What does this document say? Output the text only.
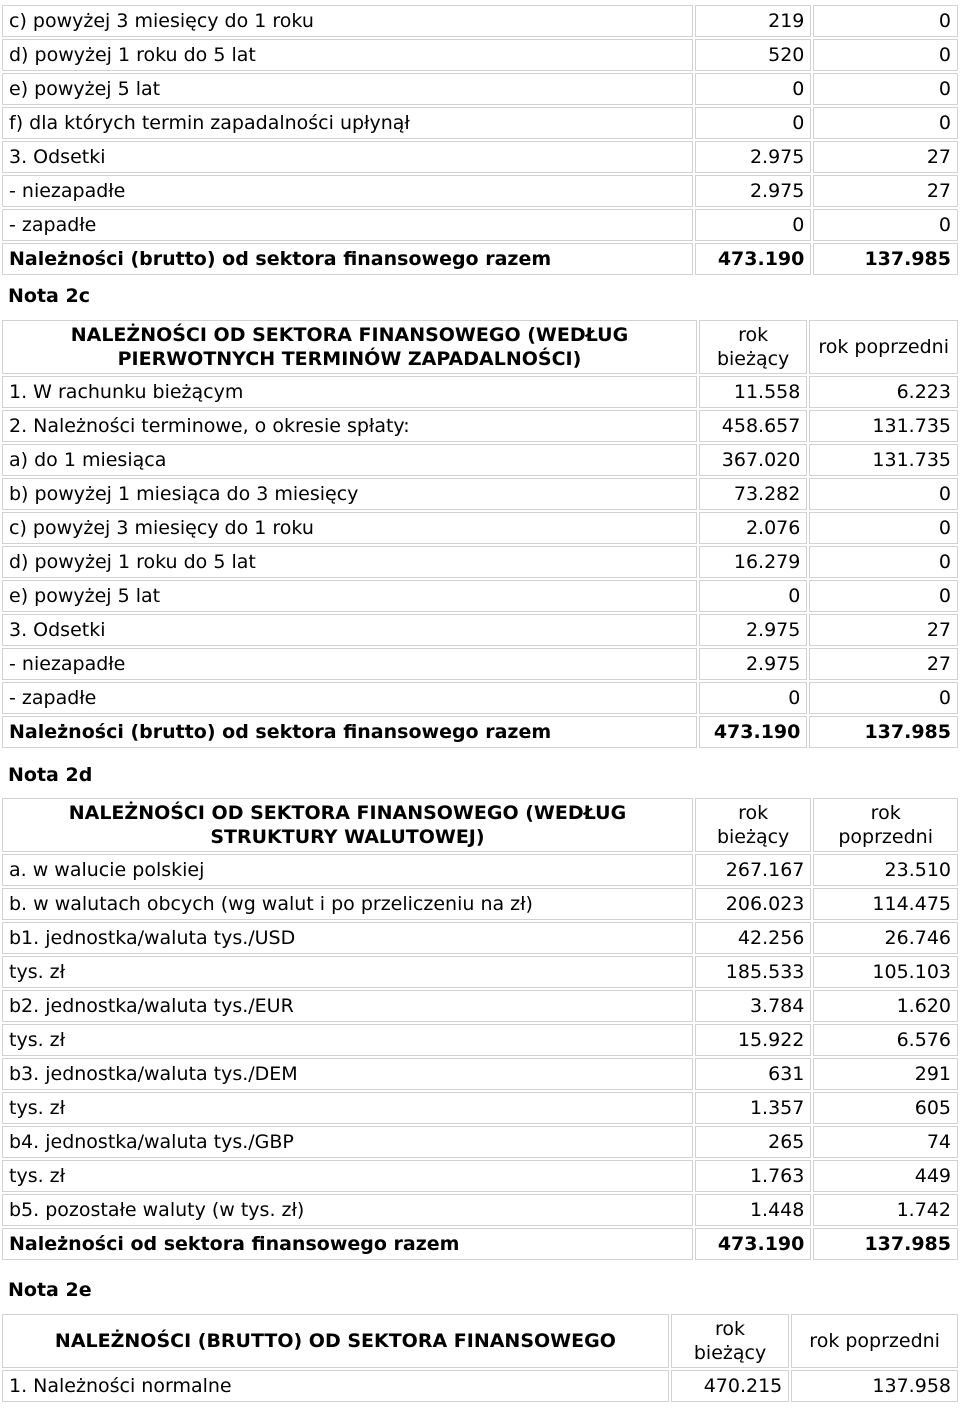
c) powyżej 3 miesięcy do 1 roku	219	0
d) powyżej 1 roku do 5 lat	520	0
e) powyżej 5 lat	0	0
f) dla których termin zapadalności upłynął	0	0
3. Odsetki	2.975	27
- niezapadłe	2.975	27
- zapadłe	0	0
Należności (brutto) od sektora finansowego razem	473.190	137.985
Nota 2c
NALEŻNOŚCI OD SEKTORA FINANSOWEGO (WEDŁUG PIERWOTNYCH TERMINÓW ZAPADALNOŚCI)	rok bieżący	rok poprzedni
1. W rachunku bieżącym	11.558	6.223
2. Należności terminowe, o okresie spłaty:	458.657	131.735
a) do 1 miesiąca	367.020	131.735
b) powyżej 1 miesiąca do 3 miesięcy	73.282	0
c) powyżej 3 miesięcy do 1 roku	2.076	0
d) powyżej 1 roku do 5 lat	16.279	0
e) powyżej 5 lat	0	0
3. Odsetki	2.975	27
- niezapadłe	2.975	27
- zapadłe	0	0
Należności (brutto) od sektora finansowego razem	473.190	137.985
Nota 2d
NALEŻNOŚCI OD SEKTORA FINANSOWEGO (WEDŁUG STRUKTURY WALUTOWEJ)	rok bieżący	rok poprzedni
a. w walucie polskiej	267.167	23.510
b. w walutach obcych (wg walut i po przeliczeniu na zł)	206.023	114.475
b1. jednostka/waluta tys./USD	42.256	26.746
tys. zł	185.533	105.103
b2. jednostka/waluta tys./EUR	3.784	1.620
tys. zł	15.922	6.576
b3. jednostka/waluta tys./DEM	631	291
tys. zł	1.357	605
b4. jednostka/waluta tys./GBP	265	74
tys. zł	1.763	449
b5. pozostałe waluty (w tys. zł)	1.448	1.742
Należności od sektora finansowego razem	473.190	137.985
Nota 2e
NALEŻNOŚCI (BRUTTO) OD SEKTORA FINANSOWEGO	rok bieżący	rok poprzedni
1. Należności normalne	470.215	137.958
